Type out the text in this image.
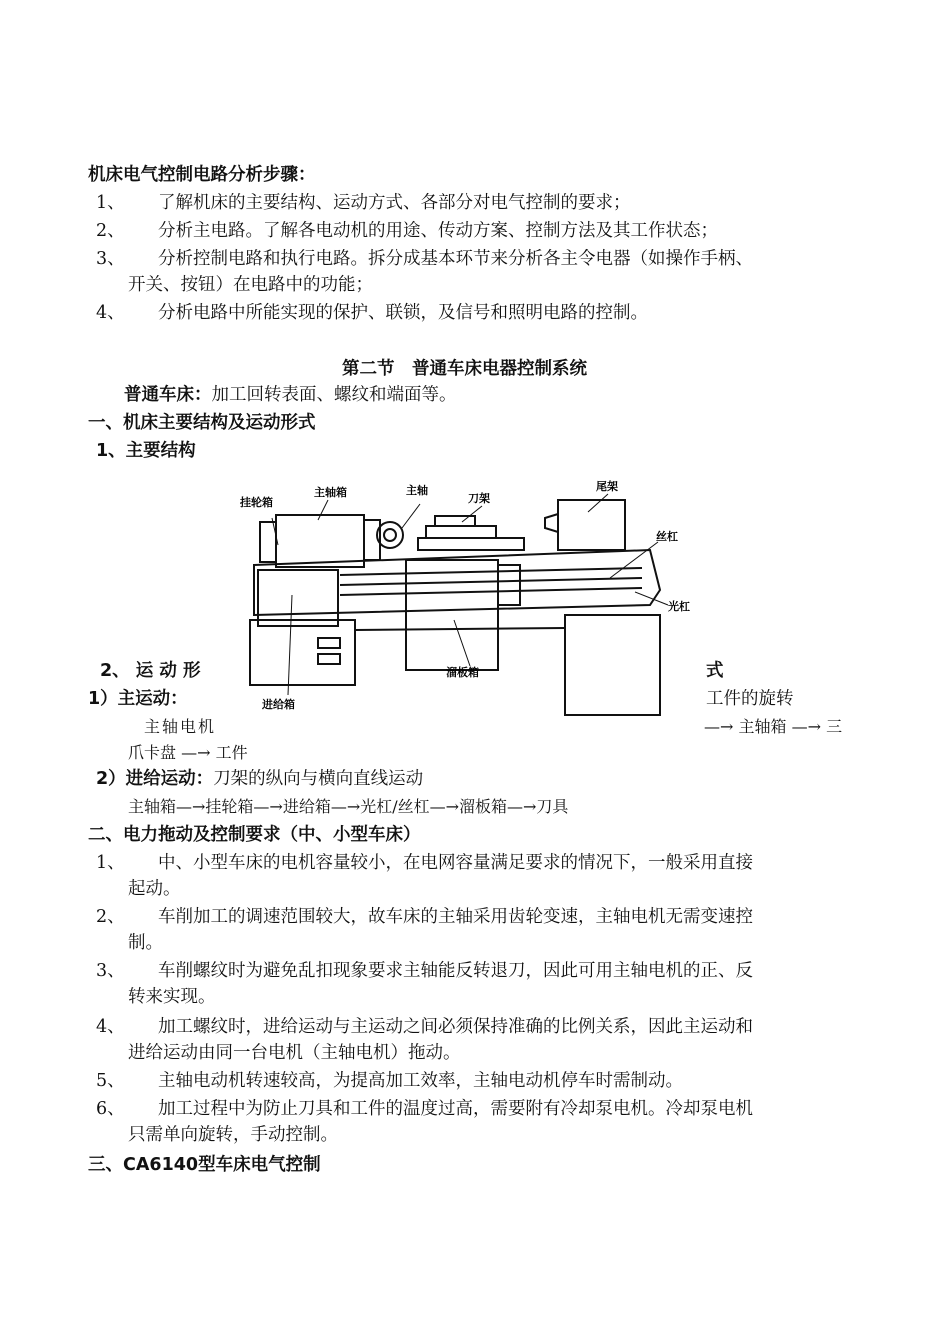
机床电气控制电路分析步骤：
1、 了解机床的主要结构、运动方式、各部分对电气控制的要求；
2、 分析主电路。了解各电动机的用途、传动方案、控制方法及其工作状态；
3、 分析控制电路和执行电路。拆分成基本环节来分析各主令电器（如操作手柄、
开关、按钮）在电路中的功能；
4、 分析电路中所能实现的保护、联锁，及信号和照明电路的控制。
第二节　普通车床电器控制系统
普通车床：加工回转表面、螺纹和端面等。
一、机床主要结构及运动形式
1、主要结构
挂轮箱
主轴箱	主轴
刀架
尾架
丝杠
光杠
溜板箱
进给箱
2、 运 动 形	式
1）主运动：	工件的旋转
主轴电机	—→ 主轴箱 —→ 三
爪卡盘 —→ 工件
2）进给运动：刀架的纵向与横向直线运动
主轴箱—→挂轮箱—→进给箱—→光杠/丝杠—→溜板箱—→刀具
二、电力拖动及控制要求（中、小型车床）
1、 中、小型车床的电机容量较小，在电网容量满足要求的情况下，一般采用直接
起动。
2、 车削加工的调速范围较大，故车床的主轴采用齿轮变速，主轴电机无需变速控
制。
3、 车削螺纹时为避免乱扣现象要求主轴能反转退刀，因此可用主轴电机的正、反
转来实现。
4、 加工螺纹时，进给运动与主运动之间必须保持准确的比例关系，因此主运动和
进给运动由同一台电机（主轴电机）拖动。
5、 主轴电动机转速较高，为提高加工效率，主轴电动机停车时需制动。
6、 加工过程中为防止刀具和工件的温度过高，需要附有冷却泵电机。冷却泵电机
只需单向旋转，手动控制。
三、CA6140型车床电气控制
